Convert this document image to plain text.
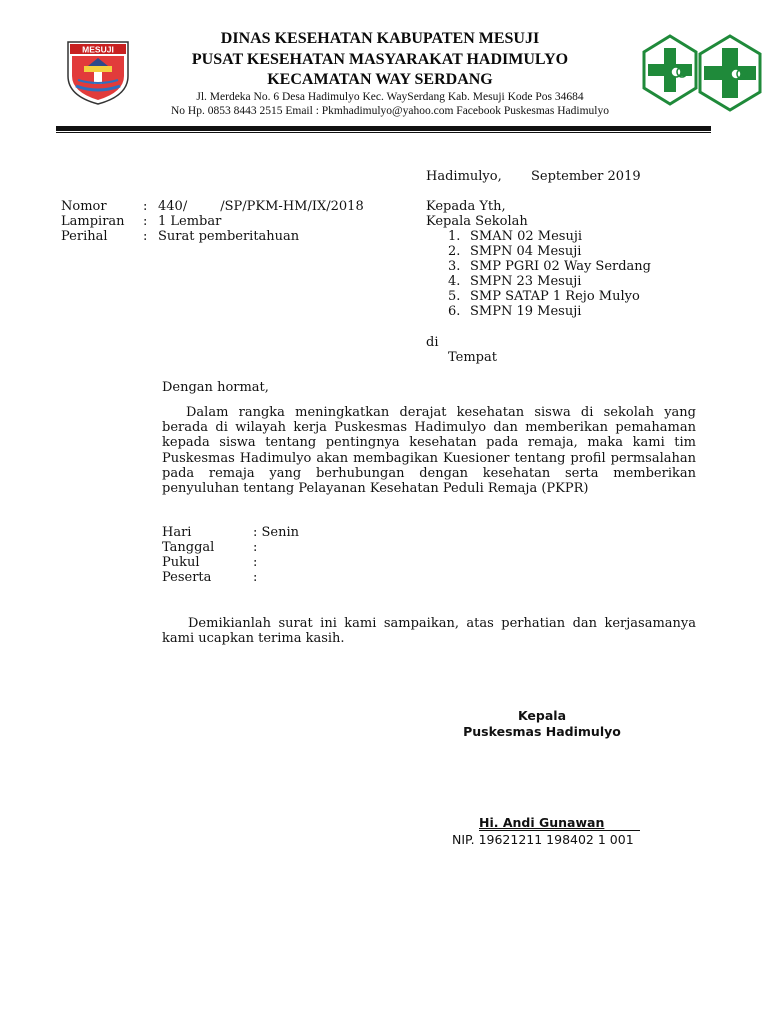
MESUJI
DINAS KESEHATAN KABUPATEN MESUJI
PUSAT KESEHATAN MASYARAKAT HADIMULYO
KECAMATAN WAY SERDANG
Jl. Merdeka No. 6 Desa Hadimulyo Kec. WaySerdang Kab. Mesuji Kode Pos 34684
No Hp. 0853 8443 2515 Email : Pkmhadimulyo@yahoo.com Facebook Puskesmas Hadimulyo
Hadimulyo, September 2019
Nomor	: 440/        /SP/PKM-HM/IX/2018
Lampiran : 1 Lembar
Perihal	: Surat pemberitahuan
Kepada Yth,
Kepala Sekolah
1. SMAN 02 Mesuji
2. SMPN 04 Mesuji
3. SMP PGRI 02 Way Serdang
4. SMPN 23 Mesuji
5. SMP SATAP 1 Rejo Mulyo
6. SMPN 19 Mesuji
di
Tempat
Dengan hormat,
Dalam rangka meningkatkan derajat kesehatan siswa di sekolah yang berada di wilayah kerja Puskesmas Hadimulyo dan memberikan pemahaman kepada siswa tentang pentingnya kesehatan pada remaja, maka kami tim Puskesmas Hadimulyo akan membagikan Kuesioner tentang profil permsalahan pada remaja yang berhubungan dengan kesehatan serta memberikan penyuluhan tentang Pelayanan Kesehatan Peduli Remaja (PKPR)
Hari	: Senin
Tanggal	:
Pukul	:
Peserta	:
Demikianlah surat ini kami sampaikan, atas perhatian dan kerjasamanya kami ucapkan terima kasih.
Kepala
Puskesmas Hadimulyo
Hi. Andi Gunawan
NIP. 19621211 198402 1 001
